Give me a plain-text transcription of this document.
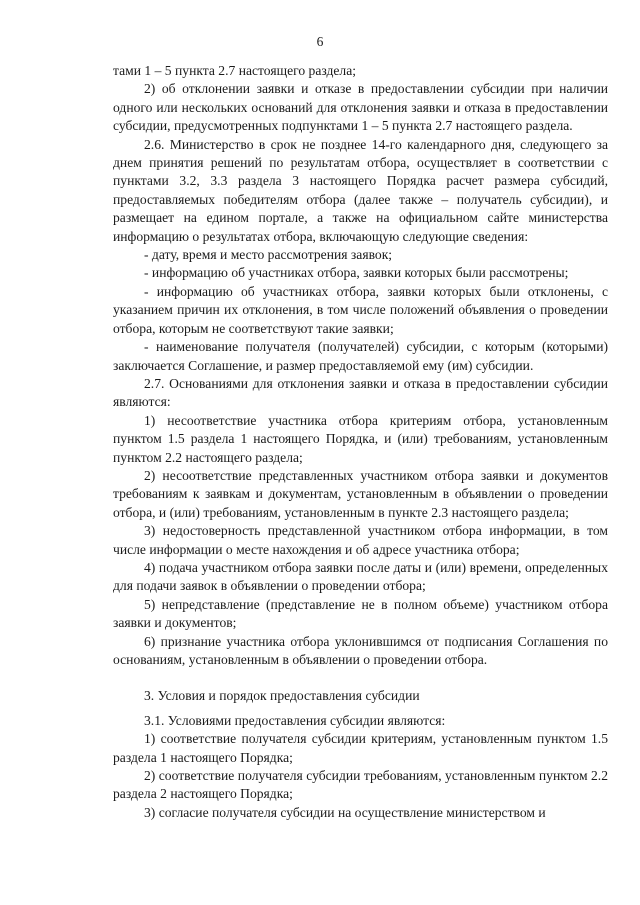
6

тами 1 – 5 пункта 2.7 настоящего раздела;

2) об отклонении заявки и отказе в предоставлении субсидии при наличии одного или нескольких оснований для отклонения заявки и отказа в предоставлении субсидии, предусмотренных подпунктами 1 – 5 пункта 2.7 настоящего раздела.

2.6. Министерство в срок не позднее 14-го календарного дня, следующего за днем принятия решений по результатам отбора, осуществляет в соответствии с пунктами 3.2, 3.3 раздела 3 настоящего Порядка расчет размера субсидий, предоставляемых победителям отбора (далее также – получатель субсидии), и размещает на едином портале, а также на официальном сайте министерства информацию о результатах отбора, включающую следующие сведения:

- дату, время и место рассмотрения заявок;

- информацию об участниках отбора, заявки которых были рассмотрены;

- информацию об участниках отбора, заявки которых были отклонены, с указанием причин их отклонения, в том числе положений объявления о проведении отбора, которым не соответствуют такие заявки;

- наименование получателя (получателей) субсидии, с которым (которыми) заключается Соглашение, и размер предоставляемой ему (им) субсидии.

2.7. Основаниями для отклонения заявки и отказа в предоставлении субсидии являются:

1) несоответствие участника отбора критериям отбора, установленным пунктом 1.5 раздела 1 настоящего Порядка, и (или) требованиям, установленным пунктом 2.2 настоящего раздела;

2) несоответствие представленных участником отбора заявки и документов требованиям к заявкам и документам, установленным в объявлении о проведении отбора, и (или) требованиям, установленным в пункте 2.3 настоящего раздела;

3) недостоверность представленной участником отбора информации, в том числе информации о месте нахождения и об адресе участника отбора;

4) подача участником отбора заявки после даты и (или) времени, определенных для подачи заявок в объявлении о проведении отбора;

5) непредставление (представление не в полном объеме) участником отбора заявки и документов;

6) признание участника отбора уклонившимся от подписания Соглашения по основаниям, установленным в объявлении о проведении отбора.

3. Условия и порядок предоставления субсидии

3.1. Условиями предоставления субсидии являются:

1) соответствие получателя субсидии критериям, установленным пунктом 1.5 раздела 1 настоящего Порядка;

2) соответствие получателя субсидии требованиям, установленным пунктом 2.2 раздела 2 настоящего Порядка;

3) согласие получателя субсидии на осуществление министерством и
